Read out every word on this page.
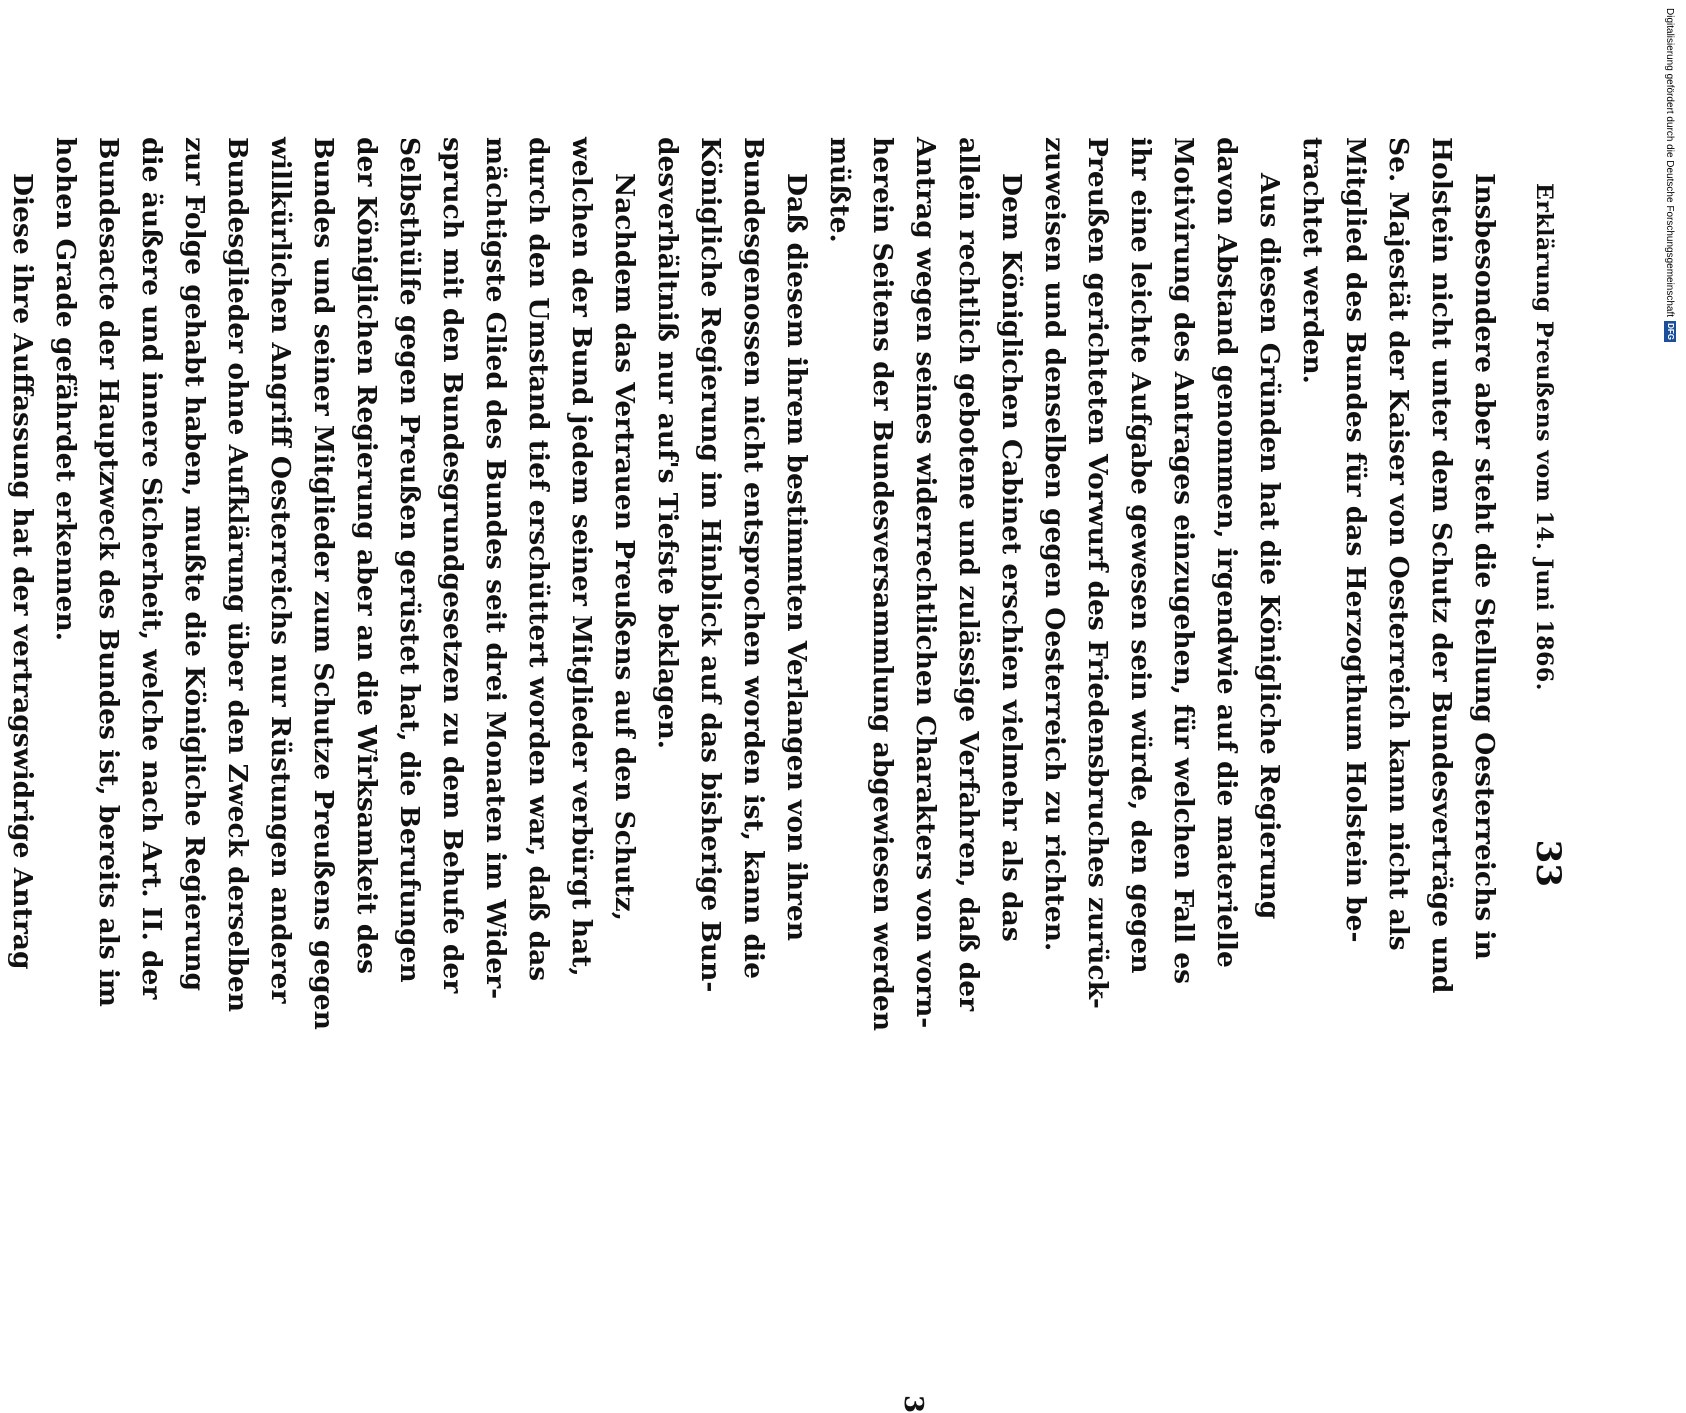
Erklärung Preußens vom 14. Juni 1866.
33

Insbesondere aber steht die Stellung Oesterreichs in
Holstein nicht unter dem Schutz der Bundesverträge und
Se. Majestät der Kaiser von Oesterreich kann nicht als
Mitglied des Bundes für das Herzogthum Holstein be-
trachtet werden.

Aus diesen Gründen hat die Königliche Regierung
davon Abstand genommen, irgendwie auf die materielle
Motivirung des Antrages einzugehen, für welchen Fall es
ihr eine leichte Aufgabe gewesen sein würde, den gegen
Preußen gerichteten Vorwurf des Friedensbruches zurück-
zuweisen und denselben gegen Oesterreich zu richten.

Dem Königlichen Cabinet erschien vielmehr als das
allein rechtlich gebotene und zulässige Verfahren, daß der
Antrag wegen seines widerrechtlichen Charakters von vorn-
herein Seitens der Bundesversammlung abgewiesen werden
müßte.

Daß diesem ihrem bestimmten Verlangen von ihren
Bundesgenossen nicht entsprochen worden ist, kann die
Königliche Regierung im Hinblick auf das bisherige Bun-
desverhältniß nur auf's Tiefste beklagen.

Nachdem das Vertrauen Preußens auf den Schutz,
welchen der Bund jedem seiner Mitglieder verbürgt hat,
durch den Umstand tief erschüttert worden war, daß das
mächtigste Glied des Bundes seit drei Monaten im Wider-
spruch mit den Bundesgrundgesetzen zu dem Behufe der
Selbsthülfe gegen Preußen gerüstet hat, die Berufungen
der Königlichen Regierung aber an die Wirksamkeit des
Bundes und seiner Mitglieder zum Schutze Preußens gegen
willkürlichen Angriff Oesterreichs nur Rüstungen anderer
Bundesglieder ohne Aufklärung über den Zweck derselben
zur Folge gehabt haben, mußte die Königliche Regierung
die äußere und innere Sicherheit, welche nach Art. II. der
Bundesacte der Hauptzweck des Bundes ist, bereits als im
hohen Grade gefährdet erkennen.

Diese ihre Auffassung hat der vertragswidrige Antrag

3
Digitalisierung gefördert durch die Deutsche Forschungsgemeinschaft
DFG
